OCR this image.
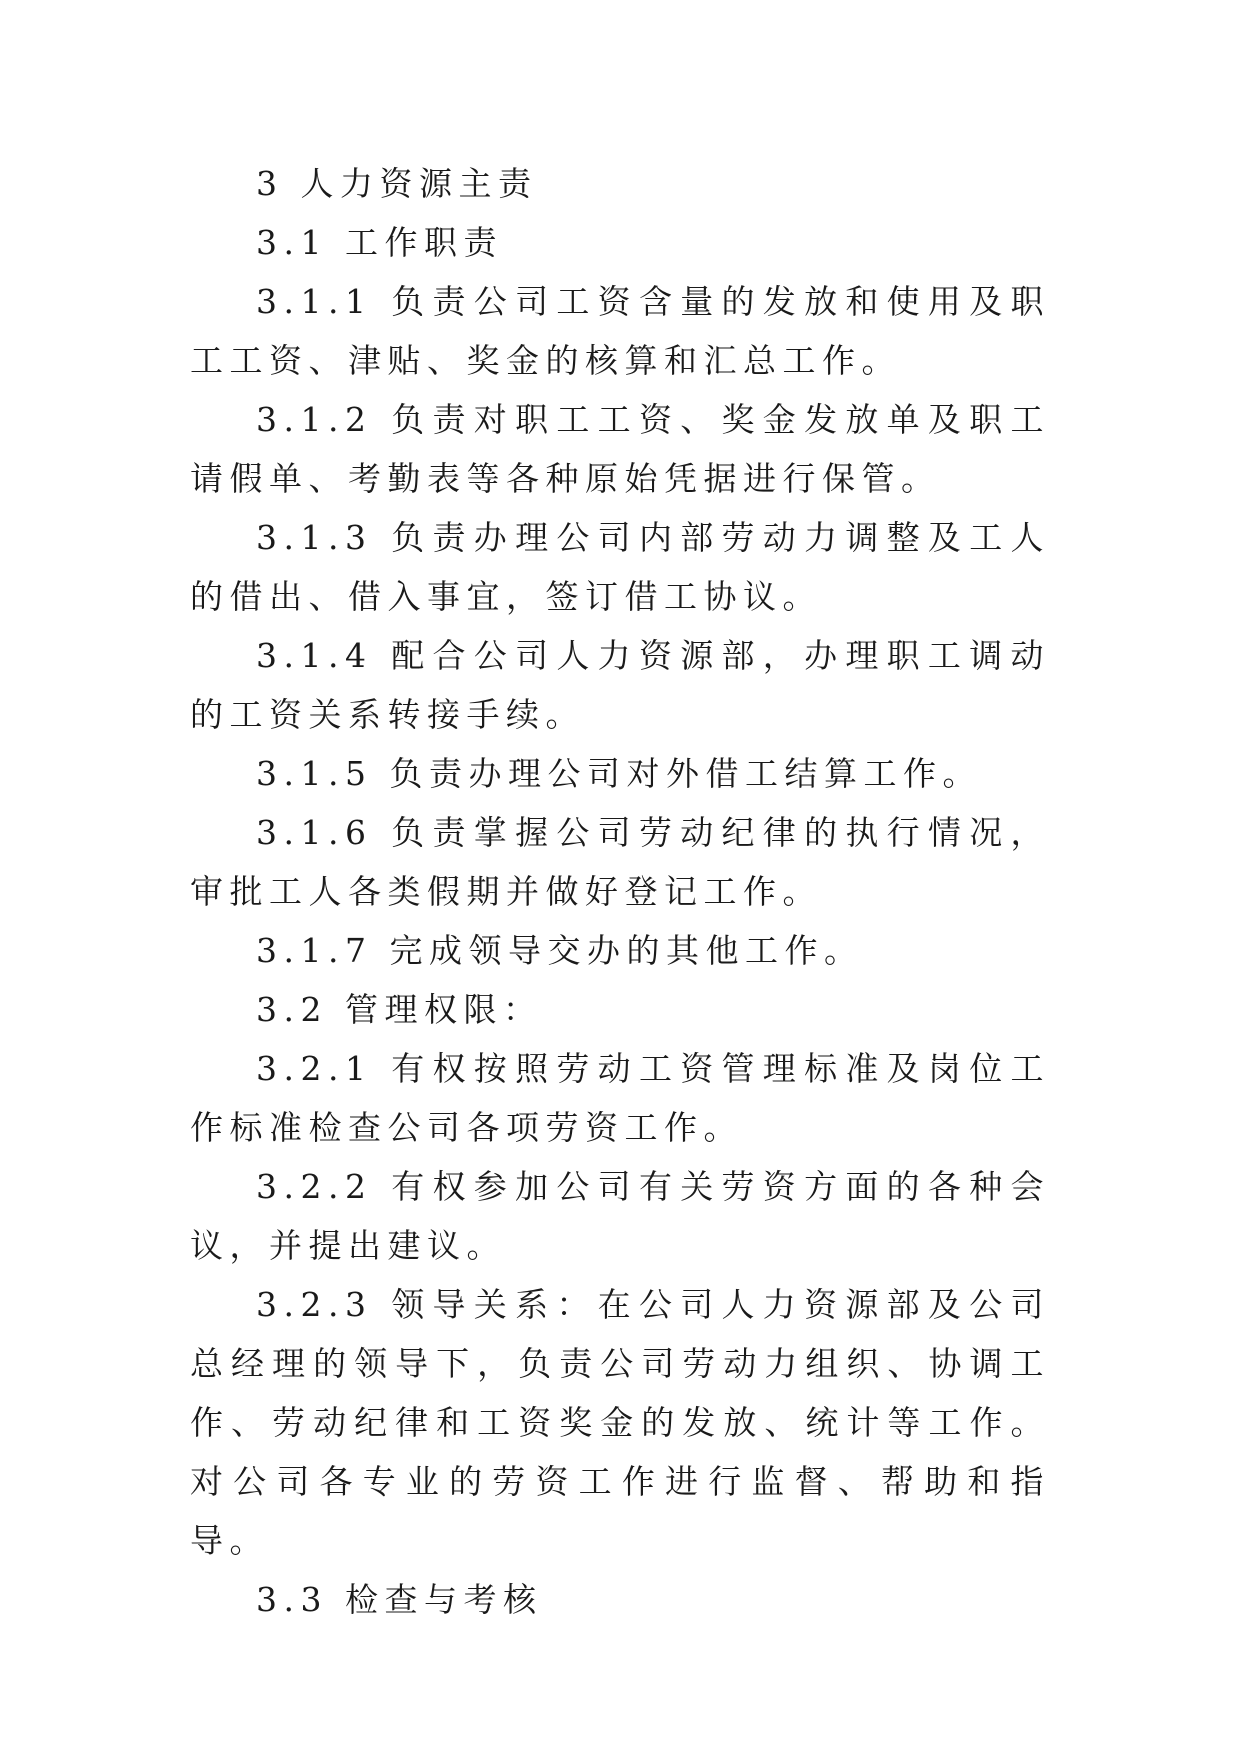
3 人力资源主责

3.1 工作职责

3.1.1 负责公司工资含量的发放和使用及职工工资、津贴、奖金的核算和汇总工作。

3.1.2 负责对职工工资、奖金发放单及职工请假单、考勤表等各种原始凭据进行保管。

3.1.3 负责办理公司内部劳动力调整及工人的借出、借入事宜，签订借工协议。

3.1.4 配合公司人力资源部，办理职工调动的工资关系转接手续。

3.1.5 负责办理公司对外借工结算工作。

3.1.6 负责掌握公司劳动纪律的执行情况，审批工人各类假期并做好登记工作。

3.1.7 完成领导交办的其他工作。

3.2 管理权限：

3.2.1 有权按照劳动工资管理标准及岗位工作标准检查公司各项劳资工作。

3.2.2 有权参加公司有关劳资方面的各种会议，并提出建议。

3.2.3 领导关系：在公司人力资源部及公司总经理的领导下，负责公司劳动力组织、协调工作、劳动纪律和工资奖金的发放、统计等工作。对公司各专业的劳资工作进行监督、帮助和指导。

3.3 检查与考核
